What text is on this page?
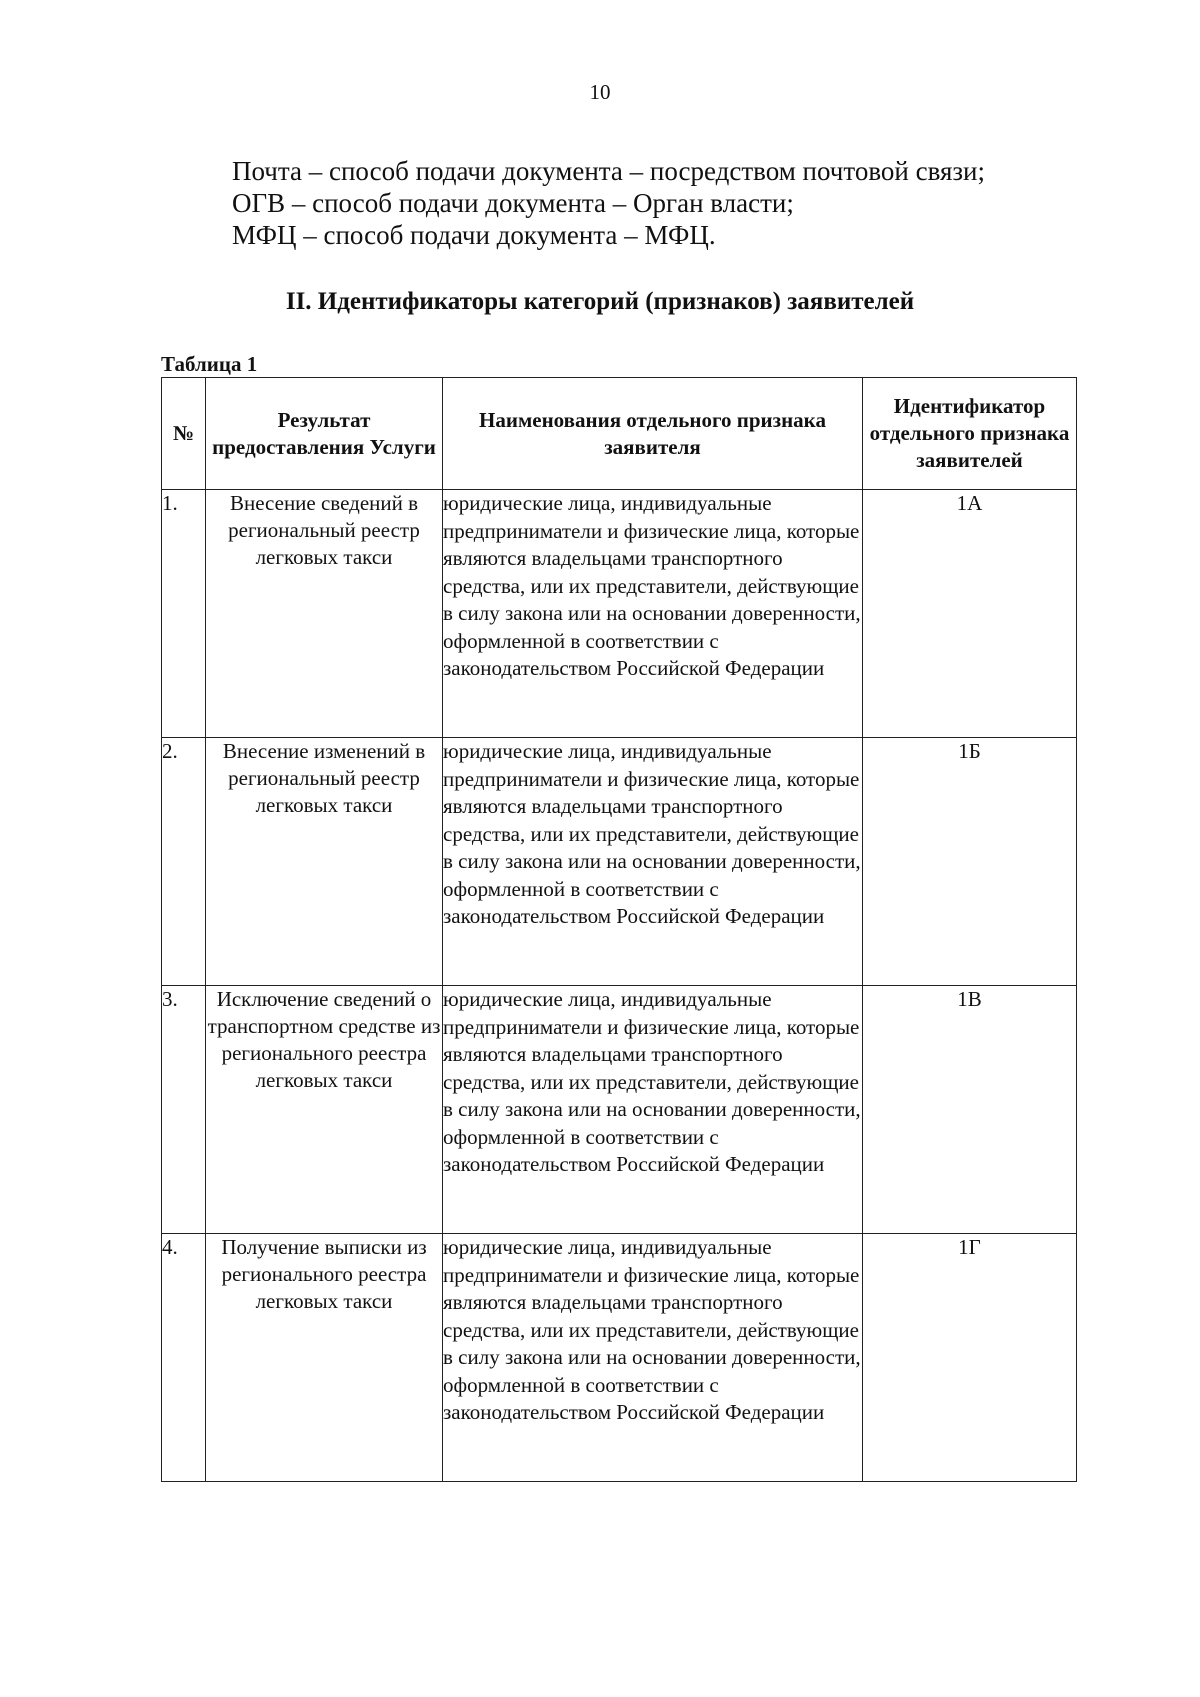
10
Почта – способ подачи документа – посредством почтовой связи;
ОГВ – способ подачи документа – Орган власти;
МФЦ – способ подачи документа – МФЦ.
II. Идентификаторы категорий (признаков) заявителей
Таблица 1
№	Результат предоставления Услуги	Наименования отдельного признака заявителя	Идентификатор отдельного признака заявителей
1.	Внесение сведений в региональный реестр легковых такси	юридические лица, индивидуальные предприниматели и физические лица, которые являются владельцами транспортного средства, или их представители, действующие в силу закона или на основании доверенности, оформленной в соответствии с законодательством Российской Федерации	1А
2.	Внесение изменений в региональный реестр легковых такси	юридические лица, индивидуальные предприниматели и физические лица, которые являются владельцами транспортного средства, или их представители, действующие в силу закона или на основании доверенности, оформленной в соответствии с законодательством Российской Федерации	1Б
3.	Исключение сведений о транспортном средстве из регионального реестра легковых такси	юридические лица, индивидуальные предприниматели и физические лица, которые являются владельцами транспортного средства, или их представители, действующие в силу закона или на основании доверенности, оформленной в соответствии с законодательством Российской Федерации	1В
4.	Получение выписки из регионального реестра легковых такси	юридические лица, индивидуальные предприниматели и физические лица, которые являются владельцами транспортного средства, или их представители, действующие в силу закона или на основании доверенности, оформленной в соответствии с законодательством Российской Федерации	1Г
